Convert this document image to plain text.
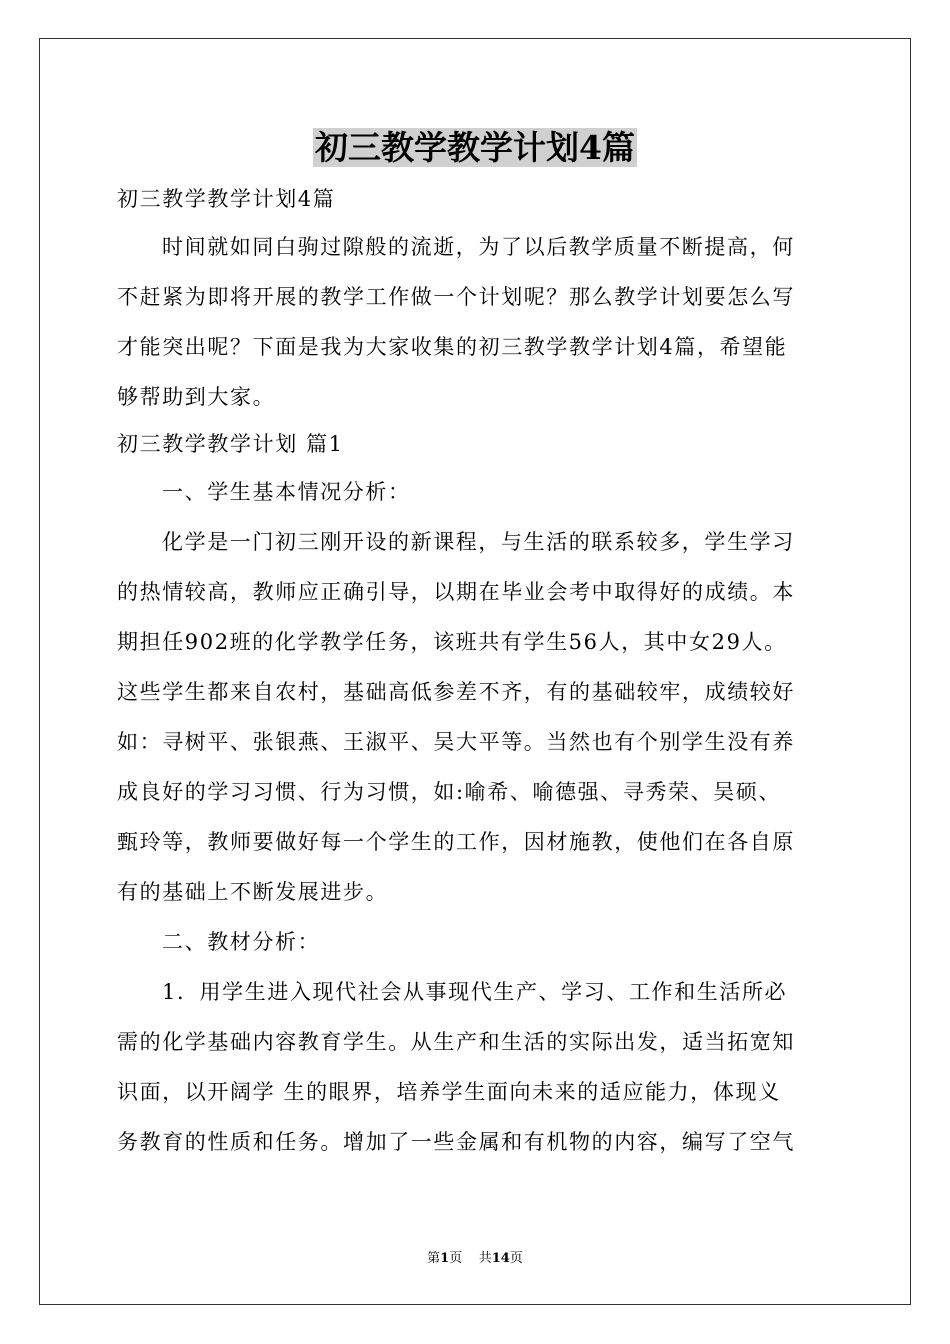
初三教学教学计划4篇
初三教学教学计划4篇
时间就如同白驹过隙般的流逝，为了以后教学质量不断提高，何
不赶紧为即将开展的教学工作做一个计划呢？那么教学计划要怎么写
才能突出呢？下面是我为大家收集的初三教学教学计划4篇，希望能
够帮助到大家。
初三教学教学计划 篇1
一、学生基本情况分析：
化学是一门初三刚开设的新课程，与生活的联系较多，学生学习
的热情较高，教师应正确引导，以期在毕业会考中取得好的成绩。本
期担任902班的化学教学任务，该班共有学生56人，其中女29人。
这些学生都来自农村，基础高低参差不齐，有的基础较牢，成绩较好
如：寻树平、张银燕、王淑平、吴大平等。当然也有个别学生没有养
成良好的学习习惯、行为习惯，如:喻希、喻德强、寻秀荣、吴硕、
甄玲等，教师要做好每一个学生的工作，因材施教，使他们在各自原
有的基础上不断发展进步。
二、教材分析：
1．用学生进入现代社会从事现代生产、学习、工作和生活所必
需的化学基础内容教育学生。从生产和生活的实际出发，适当拓宽知
识面，以开阔学 生的眼界，培养学生面向未来的适应能力，体现义
务教育的性质和任务。增加了一些金属和有机物的内容，编写了空气
第1页 共14页
